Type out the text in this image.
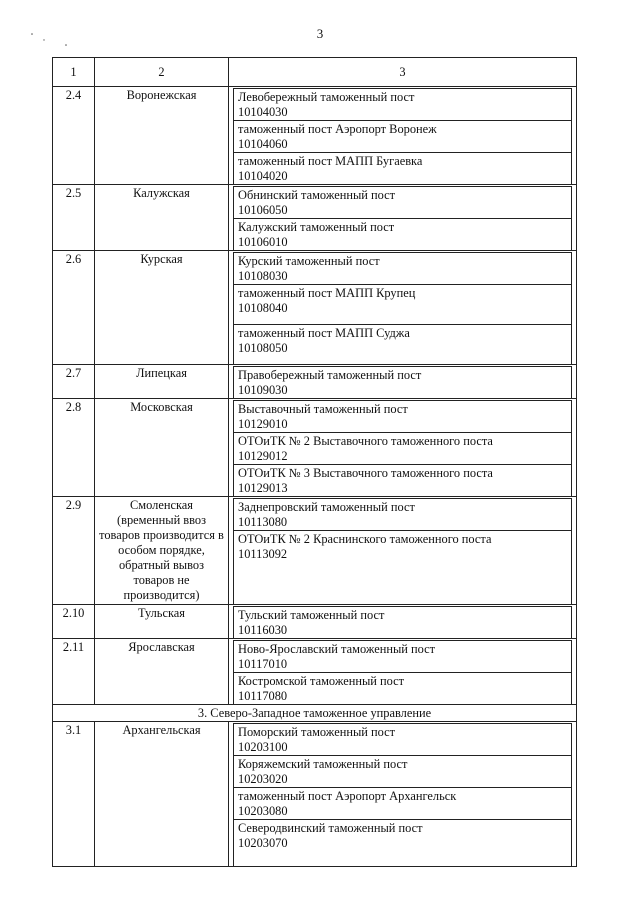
3
1	2	3
2.4	Воронежская		Левобережный таможенный пост
10104030

таможенный пост Аэропорт Воронеж
10104060

таможенный пост МАПП Бугаевка
10104020

2.5	Калужская		Обнинский таможенный пост
10106050

Калужский таможенный пост
10106010

2.6	Курская		Курский таможенный пост
10108030

таможенный пост МАПП Крупец
10108040

таможенный пост МАПП Суджа
10108050

2.7	Липецкая		Правобережный таможенный пост
10109030

2.8	Московская		Выставочный таможенный пост
10129010

ОТОиТК № 2 Выставочного таможенного поста
10129012

ОТОиТК № 3 Выставочного таможенного поста
10129013

2.9	Смоленская (временный ввоз товаров производится в особом порядке, обратный вывоз товаров не производится)	
Заднепровский таможенный пост
10113080

ОТОиТК № 2 Краснинского таможенного поста
10113092

2.10	Тульская		Тульский таможенный пост
10116030

2.11	Ярославская		Ново-Ярославский таможенный пост
10117010

Костромской таможенный пост
10117080

3. Северо-Западное таможенное управление
3.1	Архангельская		Поморский таможенный пост
10203100

Коряжемский таможенный пост
10203020

таможенный пост Аэропорт Архангельск
10203080

Северодвинский таможенный пост
10203070
